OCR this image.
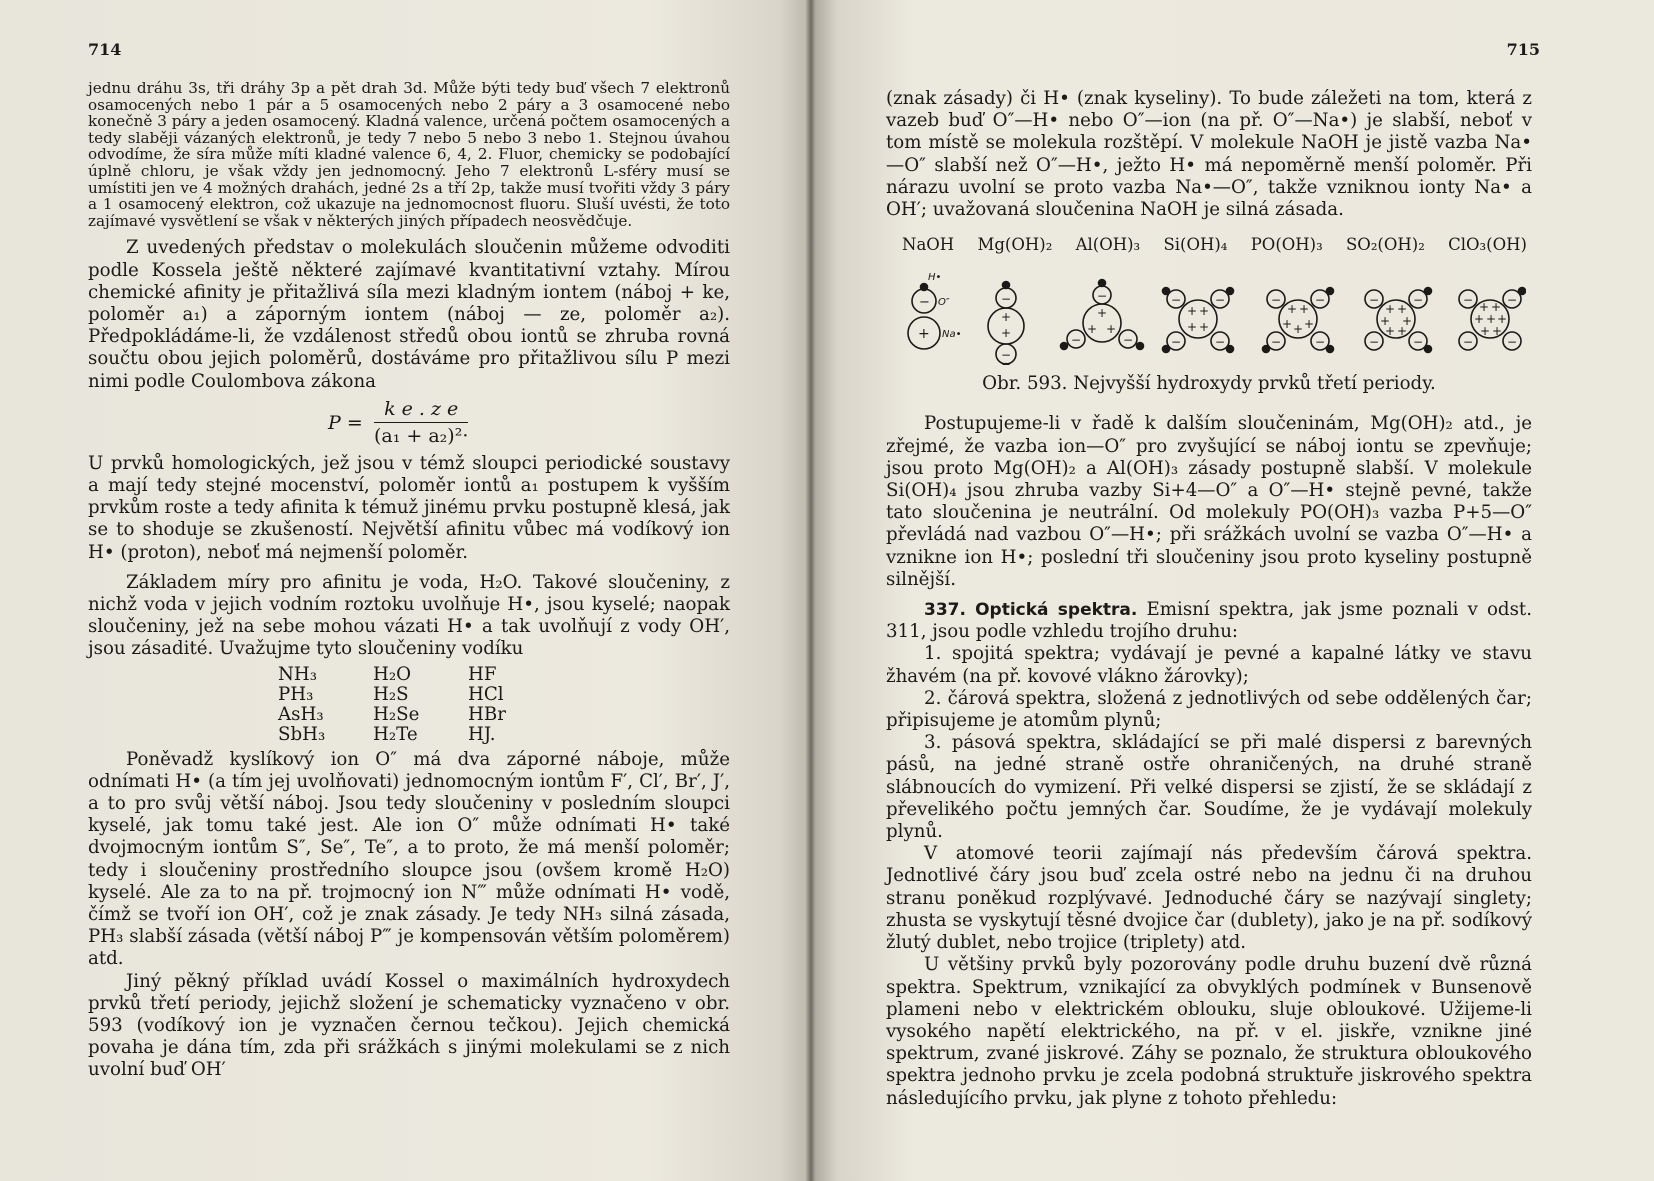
714

jednu dráhu 3s, tři dráhy 3p a pět drah 3d. Může býti tedy buď všech 7 elektronů osamocených nebo 1 pár a 5 osamocených nebo 2 páry a 3 osamocené nebo konečně 3 páry a jeden osamocený. Kladná valence, určená počtem osamocených a tedy slaběji vázaných elektronů, je tedy 7 nebo 5 nebo 3 nebo 1. Stejnou úvahou odvodíme, že síra může míti kladné valence 6, 4, 2. Fluor, chemicky se podobající úplně chloru, je však vždy jen jednomocný. Jeho 7 elektronů L-sféry musí se umístiti jen ve 4 možných drahách, jedné 2s a tří 2p, takže musí tvořiti vždy 3 páry a 1 osamocený elektron, což ukazuje na jednomocnost fluoru. Sluší uvésti, že toto zajímavé vysvětlení se však v některých jiných případech neosvědčuje.

Z uvedených představ o molekulách sloučenin můžeme odvoditi podle Kossela ještě některé zajímavé kvantitativní vztahy. Mírou chemické afinity je přitažlivá síla mezi kladným iontem (náboj + ke, poloměr a₁) a záporným iontem (náboj — ze, poloměr a₂). Předpokládáme-li, že vzdálenost středů obou iontů se zhruba rovná součtu obou jejich poloměrů, dostáváme pro přitažlivou sílu P mezi nimi podle Coulombova zákona

$P = \frac{\text{k e . z e}}{\text{(a₁ + a₂)²·}}$

U prvků homologických, jež jsou v témž sloupci periodické soustavy a mají tedy stejné mocenství, poloměr iontů a₁ postupem k vyšším prvkům roste a tedy afinita k témuž jinému prvku postupně klesá, jak se to shoduje se zkušeností. Největší afinitu vůbec má vodíkový ion H• (proton), neboť má nejmenší poloměr.

Základem míry pro afinitu je voda, H₂O. Takové sloučeniny, z nichž voda v jejich vodním roztoku uvolňuje H•, jsou kyselé; naopak sloučeniny, jež na sebe mohou vázati H• a tak uvolňují z vody OH′, jsou zásadité. Uvažujme tyto sloučeniny vodíku

NH₃	H₂O	HF
PH₃	H₂S	HCl
AsH₃	H₂Se	HBr
SbH₃	H₂Te	HJ.

Poněvadž kyslíkový ion O″ má dva záporné náboje, může odnímati H• (a tím jej uvolňovati) jednomocným iontům F′, Cl′, Br′, J′, a to pro svůj větší náboj. Jsou tedy sloučeniny v posledním sloupci kyselé, jak tomu také jest. Ale ion O″ může odnímati H• také dvojmocným iontům S″, Se″, Te″, a to proto, že má menší poloměr; tedy i sloučeniny prostředního sloupce jsou (ovšem kromě H₂O) kyselé. Ale za to na př. trojmocný ion N‴ může odnímati H• vodě, čímž se tvoří ion OH′, což je znak zásady. Je tedy NH₃ silná zásada, PH₃ slabší zásada (větší náboj P‴ je kompensován větším poloměrem) atd.

Jiný pěkný příklad uvádí Kossel o maximálních hydroxydech prvků třetí periody, jejichž složení je schematicky vyznačeno v obr. 593 (vodíkový ion je vyznačen černou tečkou). Jejich chemická povaha je dána tím, zda při srážkách s jinými molekulami se z nich uvolní buď OH′

715

(znak zásady) či H• (znak kyseliny). To bude záležeti na tom, která z vazeb buď O″—H• nebo O″—ion (na př. O″—Na•) je slabší, neboť v tom místě se molekula rozštěpí. V molekule NaOH je jistě vazba Na•—O″ slabší než O″—H•, ježto H• má nepoměrně menší poloměr. Při nárazu uvolní se proto vazba Na•—O″, takže vzniknou ionty Na• a OH′; uvažovaná sloučenina NaOH je silná zásada.

NaOH Mg(OH)₂ Al(OH)₃ Si(OH)₄ PO(OH)₃ SO₂(OH)₂ ClO₃(OH)
H•
− O″
+ Na•
−
+
+
−
−
+
+ +
−	−
+ +
+ +
−	−
−	−
+ +
+ + +
−	−
−	−
+ +
+ +
+ +
−	−
−	−
+ +
+ + +
+ +
−	−
−	−

Obr. 593. Nejvyšší hydroxydy prvků třetí periody.

Postupujeme-li v řadě k dalším sloučeninám, Mg(OH)₂ atd., je zřejmé, že vazba ion—O″ pro zvyšující se náboj iontu se zpevňuje; jsou proto Mg(OH)₂ a Al(OH)₃ zásady postupně slabší. V molekule Si(OH)₄ jsou zhruba vazby Si+4—O″ a O″—H• stejně pevné, takže tato sloučenina je neutrální. Od molekuly PO(OH)₃ vazba P+5—O″ převládá nad vazbou O″—H•; při srážkách uvolní se vazba O″—H• a vznikne ion H•; poslední tři sloučeniny jsou proto kyseliny postupně silnější.

337. Optická spektra. Emisní spektra, jak jsme poznali v odst. 311, jsou podle vzhledu trojího druhu:

1. spojitá spektra; vydávají je pevné a kapalné látky ve stavu žhavém (na př. kovové vlákno žárovky);

2. čárová spektra, složená z jednotlivých od sebe oddělených čar; připisujeme je atomům plynů;

3. pásová spektra, skládající se při malé dispersi z barevných pásů, na jedné straně ostře ohraničených, na druhé straně slábnoucích do vymizení. Při velké dispersi se zjistí, že se skládají z převelikého počtu jemných čar. Soudíme, že je vydávají molekuly plynů.

V atomové teorii zajímají nás především čárová spektra. Jednotlivé čáry jsou buď zcela ostré nebo na jednu či na druhou stranu poněkud rozplývavé. Jednoduché čáry se nazývají singlety; zhusta se vyskytují těsné dvojice čar (dublety), jako je na př. sodíkový žlutý dublet, nebo trojice (triplety) atd.

U většiny prvků byly pozorovány podle druhu buzení dvě různá spektra. Spektrum, vznikající za obvyklých podmínek v Bunsenově plameni nebo v elektrickém oblouku, sluje obloukové. Užijeme-li vysokého napětí elektrického, na př. v el. jiskře, vznikne jiné spektrum, zvané jiskrové. Záhy se poznalo, že struktura obloukového spektra jednoho prvku je zcela podobná struktuře jiskrového spektra následujícího prvku, jak plyne z tohoto přehledu:
